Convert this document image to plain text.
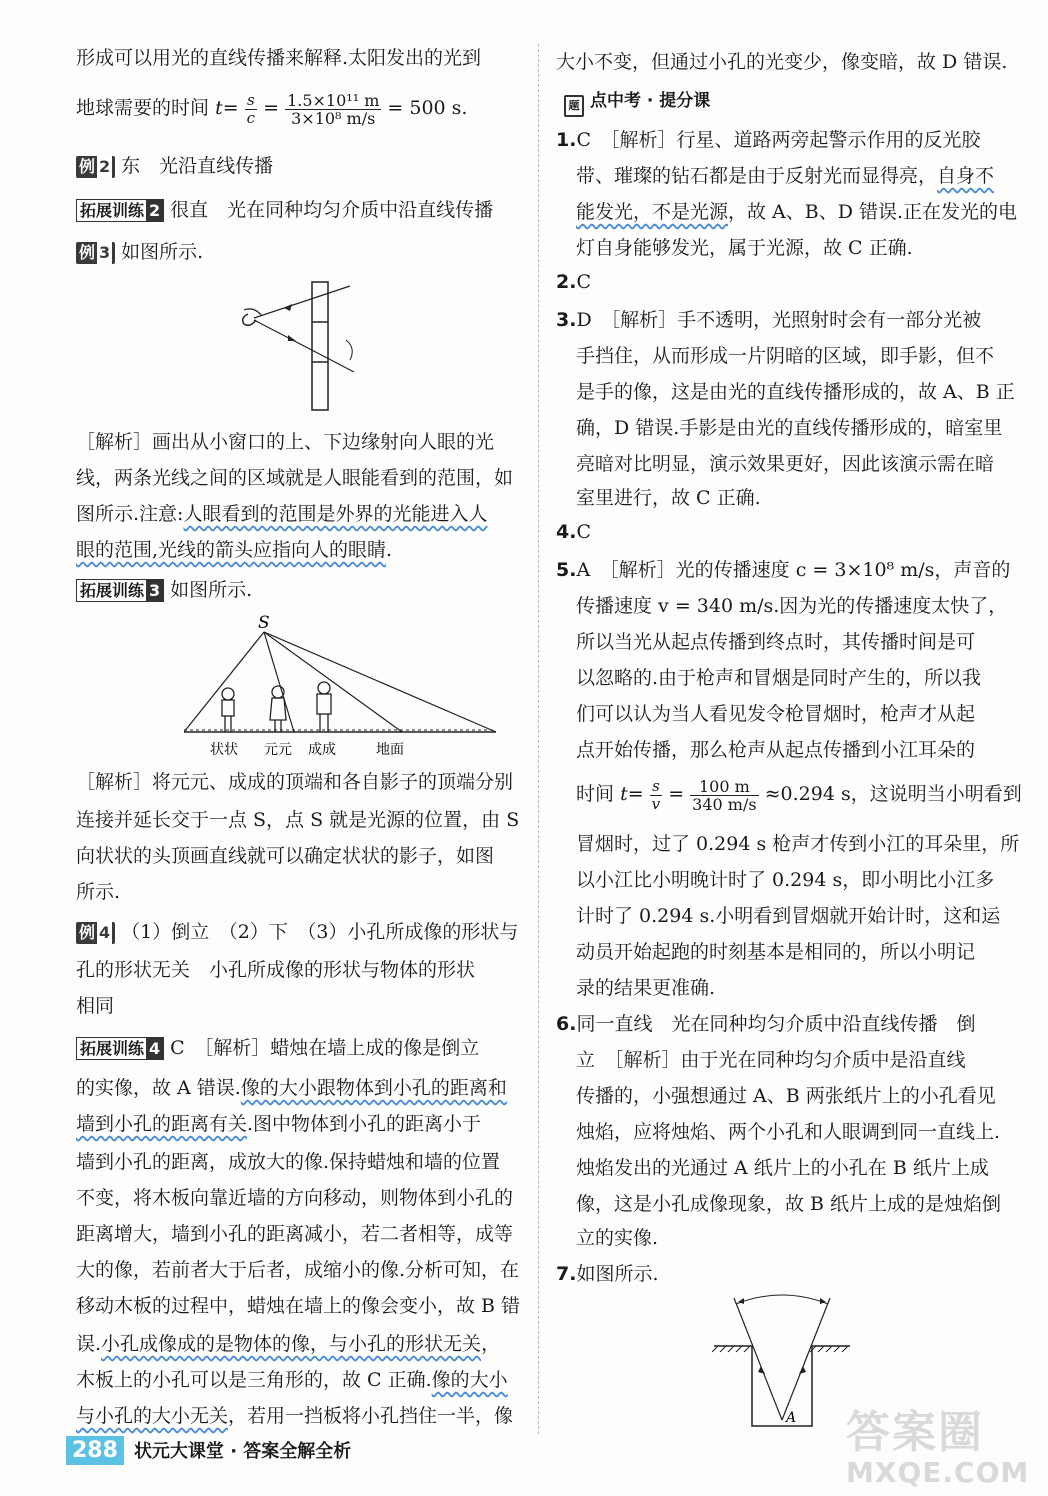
形成可以用光的直线传播来解释.太阳发出的光到
地球需要的时间 $t= \frac{s}{c} = \frac{\text{1.5×10¹¹ m}}{\text{3×10⁸ m/s}} = 500$ s.
例 2 东　光沿直线传播
拓展训练 2 很直　光在同种均匀介质中沿直线传播
例 3 如图所示.
［解析］画出从小窗口的上、下边缘射向人眼的光
线，两条光线之间的区域就是人眼能看到的范围，如
图所示.注意:人眼看到的范围是外界的光能进入人
眼的范围,光线的箭头应指向人的眼睛.
拓展训练 3 如图所示.
S
状状 元元 成成	地面
［解析］将元元、成成的顶端和各自影子的顶端分别
连接并延长交于一点 S，点 S 就是光源的位置，由 S
向状状的头顶画直线就可以确定状状的影子，如图
所示.
例 4 （1）倒立　（2）下　（3）小孔所成像的形状与
孔的形状无关　小孔所成像的形状与物体的形状
相同
拓展训练 4 C　［解析］蜡烛在墙上成的像是倒立
的实像，故 A 错误.像的大小跟物体到小孔的距离和
墙到小孔的距离有关.图中物体到小孔的距离小于
墙到小孔的距离，成放大的像.保持蜡烛和墙的位置
不变，将木板向靠近墙的方向移动，则物体到小孔的
距离增大，墙到小孔的距离减小，若二者相等，成等
大的像，若前者大于后者，成缩小的像.分析可知，在
移动木板的过程中，蜡烛在墙上的像会变小，故 B 错
误.小孔成像成的是物体的像，与小孔的形状无关，
木板上的小孔可以是三角形的，故 C 正确.像的大小
与小孔的大小无关，若用一挡板将小孔挡住一半，像
大小不变，但通过小孔的光变少，像变暗，故 D 错误.
题 点中考 · 提分课
1.C　［解析］行星、道路两旁起警示作用的反光胶
带、璀璨的钻石都是由于反射光而显得亮，自身不
能发光，不是光源，故 A、B、D 错误.正在发光的电
灯自身能够发光，属于光源，故 C 正确.
2.C
3.D　［解析］手不透明，光照射时会有一部分光被
手挡住，从而形成一片阴暗的区域，即手影，但不
是手的像，这是由光的直线传播形成的，故 A、B 正
确，D 错误.手影是由光的直线传播形成的，暗室里
亮暗对比明显，演示效果更好，因此该演示需在暗
室里进行，故 C 正确.
4.C
5.A　［解析］光的传播速度 c = 3×10⁸ m/s，声音的
传播速度 v = 340 m/s.因为光的传播速度太快了，
所以当光从起点传播到终点时，其传播时间是可
以忽略的.由于枪声和冒烟是同时产生的，所以我
们可以认为当人看见发令枪冒烟时，枪声才从起
点开始传播，那么枪声从起点传播到小江耳朵的
时间 $t= \frac{s}{v} = \frac{100 m}{340 m/s} \approx 0.294$ s，这说明当小明看到
冒烟时，过了 0.294 s 枪声才传到小江的耳朵里，所
以小江比小明晚计时了 0.294 s，即小明比小江多
计时了 0.294 s.小明看到冒烟就开始计时，这和运
动员开始起跑的时刻基本是相同的，所以小明记
录的结果更准确.
6.同一直线　光在同种均匀介质中沿直线传播　倒
立　［解析］由于光在同种均匀介质中是沿直线
传播的，小强想通过 A、B 两张纸片上的小孔看见
烛焰，应将烛焰、两个小孔和人眼调到同一直线上.
烛焰发出的光通过 A 纸片上的小孔在 B 纸片上成
像，这是小孔成像现象，故 B 纸片上成的是烛焰倒
立的实像.
7.如图所示.
A
288 状元大课堂 · 答案全解全析	答案圈
MXQE.COM
